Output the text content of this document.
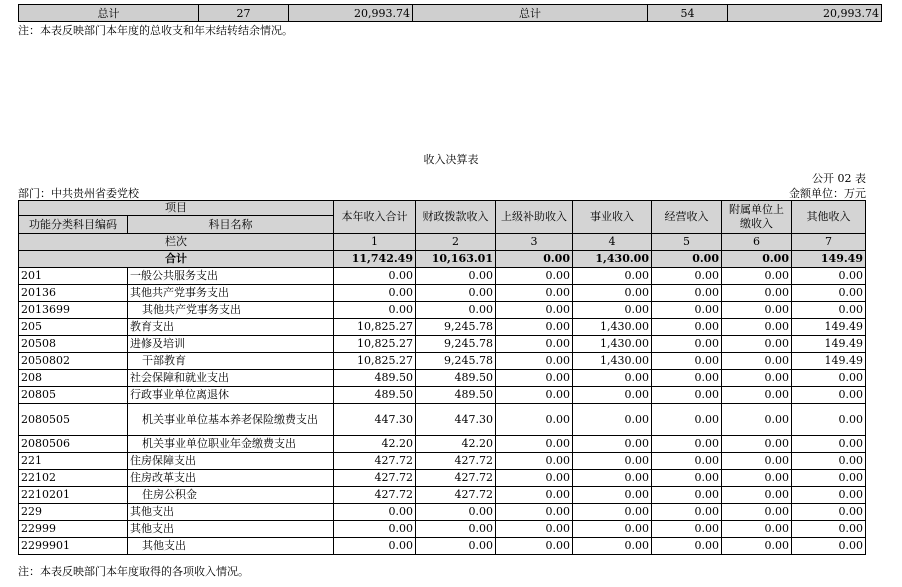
总计	27	20,993.74	总计	54	20,993.74
注：本表反映部门本年度的总收支和年末结转结余情况。
收入决算表
公开 02 表
部门：中共贵州省委党校	金额单位：万元
项目		本年收入合计	财政拨款收入	上级补助收入	事业收入	经营收入	附属单位上缴收入	其他收入
功能分类科目编码	科目名称							
栏次		1	2	3	4	5	6	7
合计		11,742.49	10,163.01	0.00	1,430.00	0.00	0.00	149.49
201	一般公共服务支出	0.00	0.00	0.00	0.00	0.00	0.00	0.00
20136	其他共产党事务支出	0.00	0.00	0.00	0.00	0.00	0.00	0.00
2013699	其他共产党事务支出	0.00	0.00	0.00	0.00	0.00	0.00	0.00
205	教育支出	10,825.27	9,245.78	0.00	1,430.00	0.00	0.00	149.49
20508	进修及培训	10,825.27	9,245.78	0.00	1,430.00	0.00	0.00	149.49
2050802	干部教育	10,825.27	9,245.78	0.00	1,430.00	0.00	0.00	149.49
208	社会保障和就业支出	489.50	489.50	0.00	0.00	0.00	0.00	0.00
20805	行政事业单位离退休	489.50	489.50	0.00	0.00	0.00	0.00	0.00
2080505	机关事业单位基本养老保险缴费支出	447.30	447.30	0.00	0.00	0.00	0.00	0.00
2080506	机关事业单位职业年金缴费支出	42.20	42.20	0.00	0.00	0.00	0.00	0.00
221	住房保障支出	427.72	427.72	0.00	0.00	0.00	0.00	0.00
22102	住房改革支出	427.72	427.72	0.00	0.00	0.00	0.00	0.00
2210201	住房公积金	427.72	427.72	0.00	0.00	0.00	0.00	0.00
229	其他支出	0.00	0.00	0.00	0.00	0.00	0.00	0.00
22999	其他支出	0.00	0.00	0.00	0.00	0.00	0.00	0.00
2299901	其他支出	0.00	0.00	0.00	0.00	0.00	0.00	0.00
注：本表反映部门本年度取得的各项收入情况。
